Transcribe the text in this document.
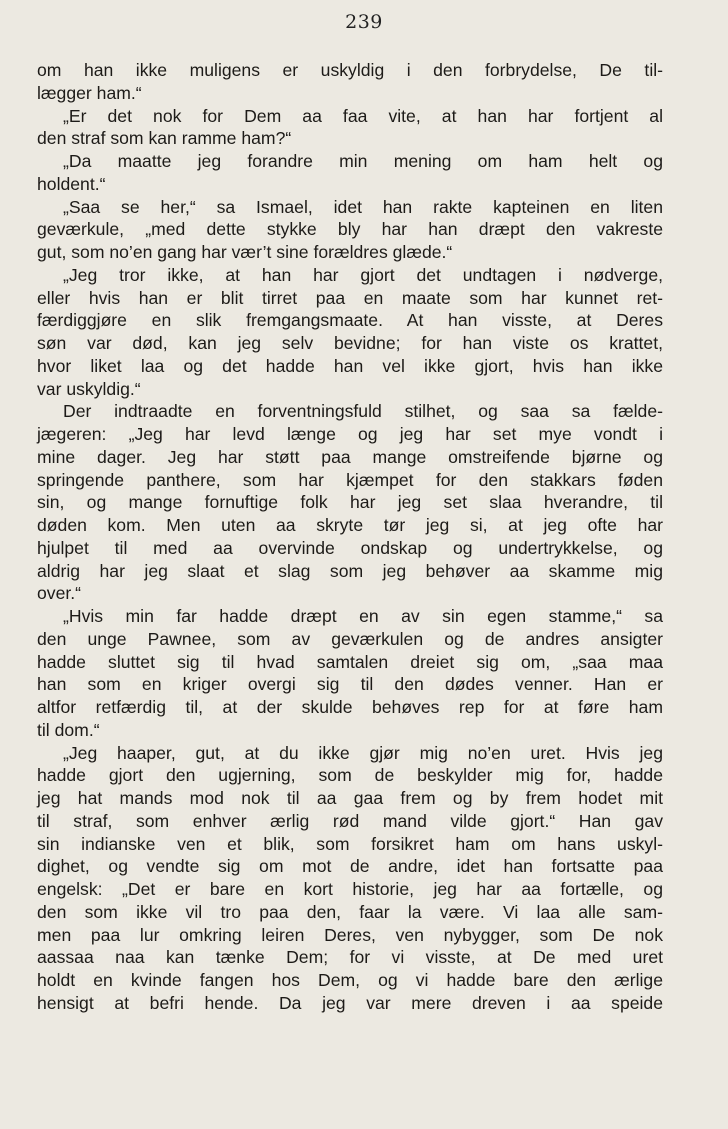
239
om han ikke muligens er uskyldig i den forbrydelse, De til-
lægger ham.“
„Er det nok for Dem aa faa vite, at han har fortjent al
den straf som kan ramme ham?“
„Da maatte jeg forandre min mening om ham helt og
holdent.“
„Saa se her,“ sa Ismael, idet han rakte kapteinen en liten
geværkule, „med dette stykke bly har han dræpt den vakreste
gut, som no’en gang har vær’t sine forældres glæde.“
„Jeg tror ikke, at han har gjort det undtagen i nødverge,
eller hvis han er blit tirret paa en maate som har kunnet ret-
færdiggjøre en slik fremgangsmaate. At han visste, at Deres
søn var død, kan jeg selv bevidne; for han viste os krattet,
hvor liket laa og det hadde han vel ikke gjort, hvis han ikke
var uskyldig.“
Der indtraadte en forventningsfuld stilhet, og saa sa fælde-
jægeren: „Jeg har levd længe og jeg har set mye vondt i
mine dager. Jeg har støtt paa mange omstreifende bjørne og
springende panthere, som har kjæmpet for den stakkars føden
sin, og mange fornuftige folk har jeg set slaa hverandre, til
døden kom. Men uten aa skryte tør jeg si, at jeg ofte har
hjulpet til med aa overvinde ondskap og undertrykkelse, og
aldrig har jeg slaat et slag som jeg behøver aa skamme mig
over.“
„Hvis min far hadde dræpt en av sin egen stamme,“ sa
den unge Pawnee, som av geværkulen og de andres ansigter
hadde sluttet sig til hvad samtalen dreiet sig om, „saa maa
han som en kriger overgi sig til den dødes venner. Han er
altfor retfærdig til, at der skulde behøves rep for at føre ham
til dom.“
„Jeg haaper, gut, at du ikke gjør mig no’en uret. Hvis jeg
hadde gjort den ugjerning, som de beskylder mig for, hadde
jeg hat mands mod nok til aa gaa frem og by frem hodet mit
til straf, som enhver ærlig rød mand vilde gjort.“ Han gav
sin indianske ven et blik, som forsikret ham om hans uskyl-
dighet, og vendte sig om mot de andre, idet han fortsatte paa
engelsk: „Det er bare en kort historie, jeg har aa fortælle, og
den som ikke vil tro paa den, faar la være. Vi laa alle sam-
men paa lur omkring leiren Deres, ven nybygger, som De nok
aassaa naa kan tænke Dem; for vi visste, at De med uret
holdt en kvinde fangen hos Dem, og vi hadde bare den ærlige
hensigt at befri hende. Da jeg var mere dreven i aa speide
